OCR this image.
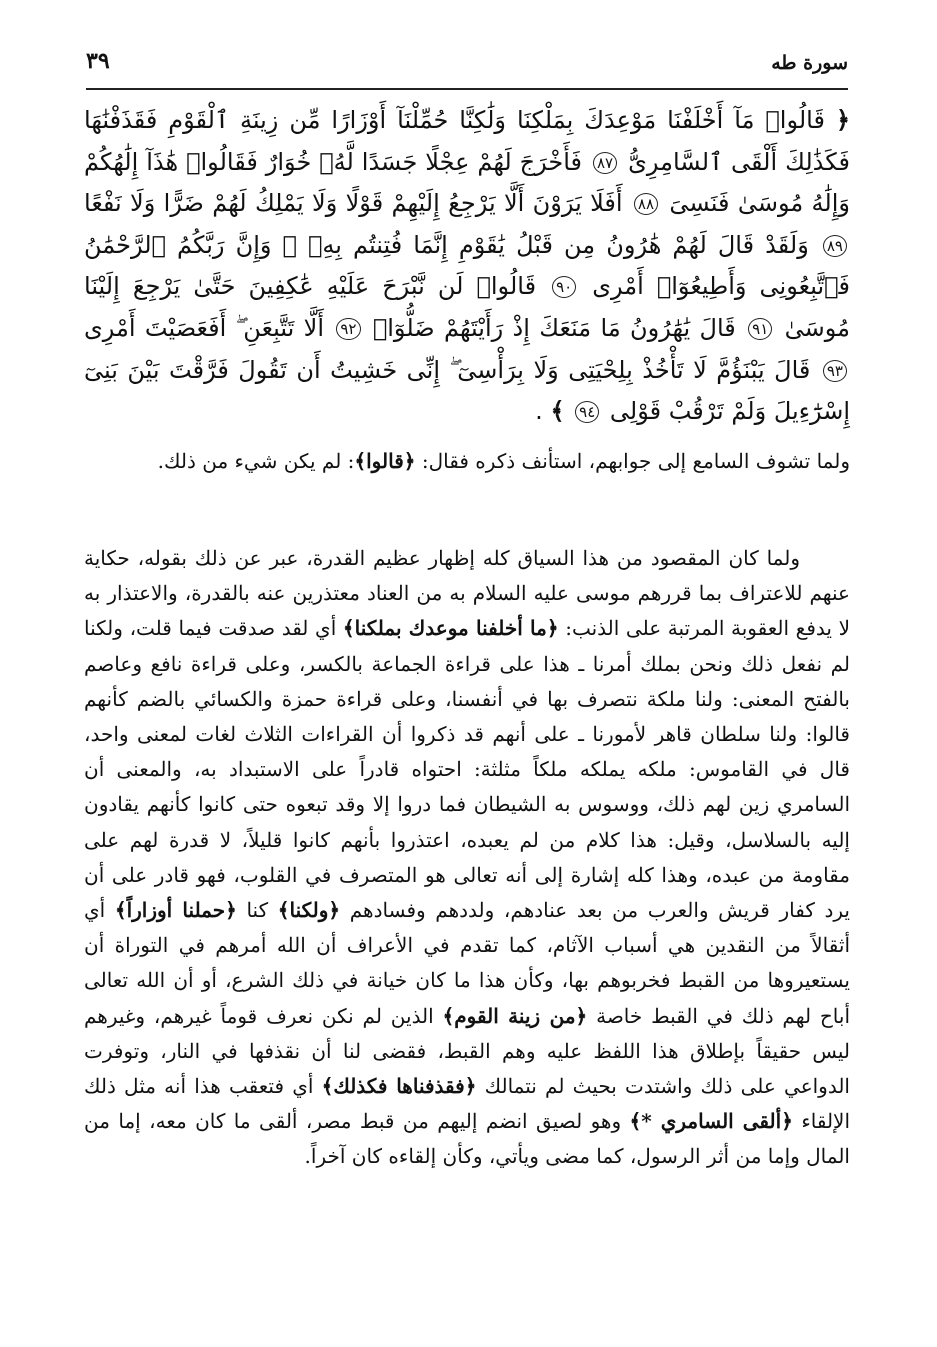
سورة طه
٣٩
﴿ قَالُوا۟ مَآ أَخْلَفْنَا مَوْعِدَكَ بِمَلْكِنَا وَلَٰكِنَّا حُمِّلْنَآ أَوْزَارًا مِّن زِينَةِ ٱلْقَوْمِ فَقَذَفْنَٰهَا فَكَذَٰلِكَ أَلْقَى ٱلسَّامِرِىُّ ٨٧ فَأَخْرَجَ لَهُمْ عِجْلًا جَسَدًا لَّهُۥ خُوَارٌ فَقَالُوا۟ هَٰذَآ إِلَٰهُكُمْ وَإِلَٰهُ مُوسَىٰ فَنَسِىَ ٨٨ أَفَلَا يَرَوْنَ أَلَّا يَرْجِعُ إِلَيْهِمْ قَوْلًا وَلَا يَمْلِكُ لَهُمْ ضَرًّا وَلَا نَفْعًا ٨٩ وَلَقَدْ قَالَ لَهُمْ هَٰرُونُ مِن قَبْلُ يَٰقَوْمِ إِنَّمَا فُتِنتُم بِهِۦ ۖ وَإِنَّ رَبَّكُمُ ٱلرَّحْمَٰنُ فَٱتَّبِعُونِى وَأَطِيعُوٓا۟ أَمْرِى ٩٠ قَالُوا۟ لَن نَّبْرَحَ عَلَيْهِ عَٰكِفِينَ حَتَّىٰ يَرْجِعَ إِلَيْنَا مُوسَىٰ ٩١ قَالَ يَٰهَٰرُونُ مَا مَنَعَكَ إِذْ رَأَيْتَهُمْ ضَلُّوٓا۟ ٩٢ أَلَّا تَتَّبِعَنِ ۖ أَفَعَصَيْتَ أَمْرِى ٩٣ قَالَ يَبْنَؤُمَّ لَا تَأْخُذْ بِلِحْيَتِى وَلَا بِرَأْسِىٓ ۖ إِنِّى خَشِيتُ أَن تَقُولَ فَرَّقْتَ بَيْنَ بَنِىٓ إِسْرَٰٓءِيلَ وَلَمْ تَرْقُبْ قَوْلِى ٩٤ ﴾ .
ولما تشوف السامع إلى جوابهم، استأنف ذكره فقال: ﴿قالوا﴾: لم يكن شيء من ذلك.
ولما كان المقصود من هذا السياق كله إظهار عظيم القدرة، عبر عن ذلك بقوله، حكاية عنهم للاعتراف بما قررهم موسى عليه السلام به من العناد معتذرين عنه بالقدرة، والاعتذار به لا يدفع العقوبة المرتبة على الذنب: ﴿ما أخلفنا موعدك بملكنا﴾ أي لقد صدقت فيما قلت، ولكنا لم نفعل ذلك ونحن بملك أمرنا ـ هذا على قراءة الجماعة بالكسر، وعلى قراءة نافع وعاصم بالفتح المعنى: ولنا ملكة نتصرف بها في أنفسنا، وعلى قراءة حمزة والكسائي بالضم كأنهم قالوا: ولنا سلطان قاهر لأمورنا ـ على أنهم قد ذكروا أن القراءات الثلاث لغات لمعنى واحد، قال في القاموس: ملكه يملكه ملكاً مثلثة: احتواه قادراً على الاستبداد به، والمعنى أن السامري زين لهم ذلك، ووسوس به الشيطان فما دروا إلا وقد تبعوه حتى كانوا كأنهم يقادون إليه بالسلاسل، وقيل: هذا كلام من لم يعبده، اعتذروا بأنهم كانوا قليلاً، لا قدرة لهم على مقاومة من عبده، وهذا كله إشارة إلى أنه تعالى هو المتصرف في القلوب، فهو قادر على أن يرد كفار قريش والعرب من بعد عنادهم، ولددهم وفسادهم ﴿ولكنا﴾ كنا ﴿حملنا أوزاراً﴾ أي أثقالاً من النقدين هي أسباب الآثام، كما تقدم في الأعراف أن الله أمرهم في التوراة أن يستعيروها من القبط فخربوهم بها، وكأن هذا ما كان خيانة في ذلك الشرع، أو أن الله تعالى أباح لهم ذلك في القبط خاصة ﴿من زينة القوم﴾ الذين لم نكن نعرف قوماً غيرهم، وغيرهم ليس حقيقاً بإطلاق هذا اللفظ عليه وهم القبط، فقضى لنا أن نقذفها في النار، وتوفرت الدواعي على ذلك واشتدت بحيث لم نتمالك ﴿فقذفناها فكذلك﴾ أي فتعقب هذا أنه مثل ذلك الإلقاء ﴿ألقى السامري *﴾ وهو لصيق انضم إليهم من قبط مصر، ألقى ما كان معه، إما من المال وإما من أثر الرسول، كما مضى ويأتي، وكأن إلقاءه كان آخراً.
